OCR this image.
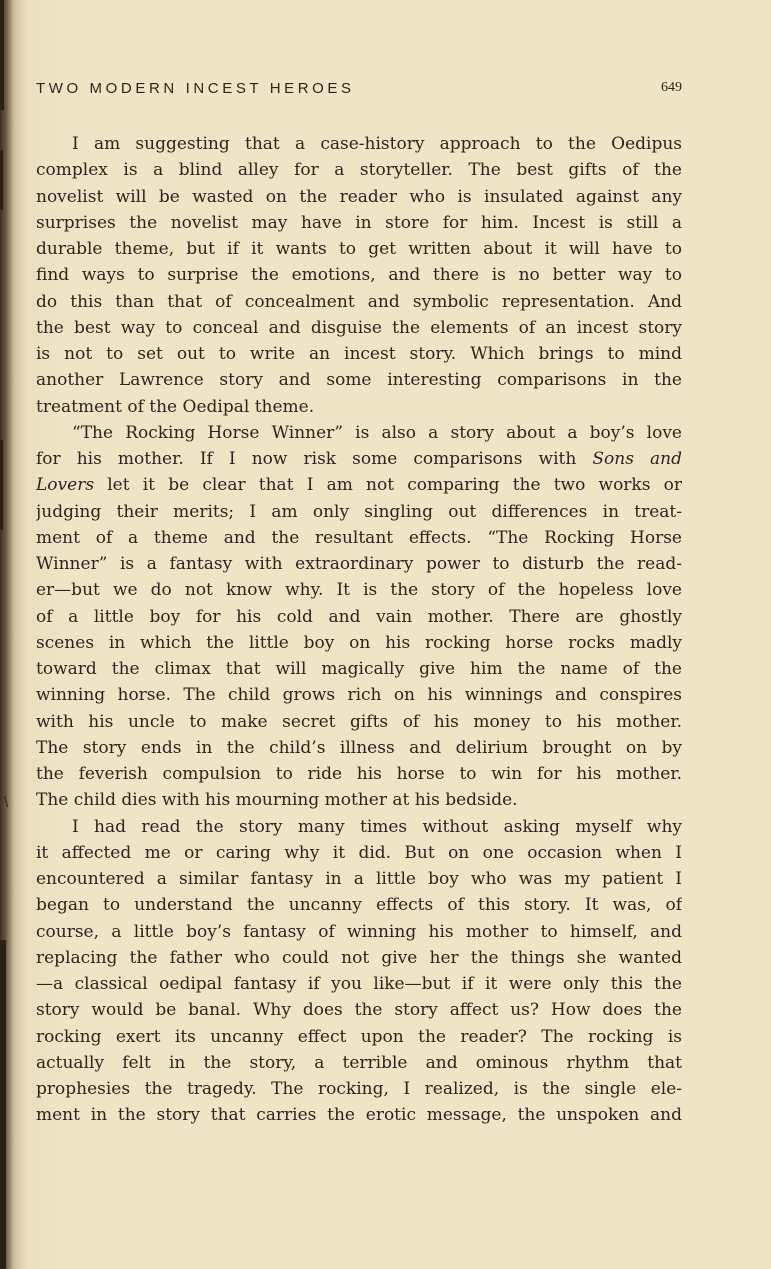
\
TWO MODERN INCEST HEROES	649
I am suggesting that a case-history approach to the Oedipus
complex is a blind alley for a storyteller. The best gifts of the
novelist will be wasted on the reader who is insulated against any
surprises the novelist may have in store for him. Incest is still a
durable theme, but if it wants to get written about it will have to
find ways to surprise the emotions, and there is no better way to
do this than that of concealment and symbolic representation. And
the best way to conceal and disguise the elements of an incest story
is not to set out to write an incest story. Which brings to mind
another Lawrence story and some interesting comparisons in the
treatment of the Oedipal theme.
“The Rocking Horse Winner” is also a story about a boy’s love
for his mother. If I now risk some comparisons with Sons and
Lovers let it be clear that I am not comparing the two works or
judging their merits; I am only singling out differences in treat-
ment of a theme and the resultant effects. “The Rocking Horse
Winner” is a fantasy with extraordinary power to disturb the read-
er—but we do not know why. It is the story of the hopeless love
of a little boy for his cold and vain mother. There are ghostly
scenes in which the little boy on his rocking horse rocks madly
toward the climax that will magically give him the name of the
winning horse. The child grows rich on his winnings and conspires
with his uncle to make secret gifts of his money to his mother.
The story ends in the child’s illness and delirium brought on by
the feverish compulsion to ride his horse to win for his mother.
The child dies with his mourning mother at his bedside.
I had read the story many times without asking myself why
it affected me or caring why it did. But on one occasion when I
encountered a similar fantasy in a little boy who was my patient I
began to understand the uncanny effects of this story. It was, of
course, a little boy’s fantasy of winning his mother to himself, and
replacing the father who could not give her the things she wanted
—a classical oedipal fantasy if you like—but if it were only this the
story would be banal. Why does the story affect us? How does the
rocking exert its uncanny effect upon the reader? The rocking is
actually felt in the story, a terrible and ominous rhythm that
prophesies the tragedy. The rocking, I realized, is the single ele-
ment in the story that carries the erotic message, the unspoken and
